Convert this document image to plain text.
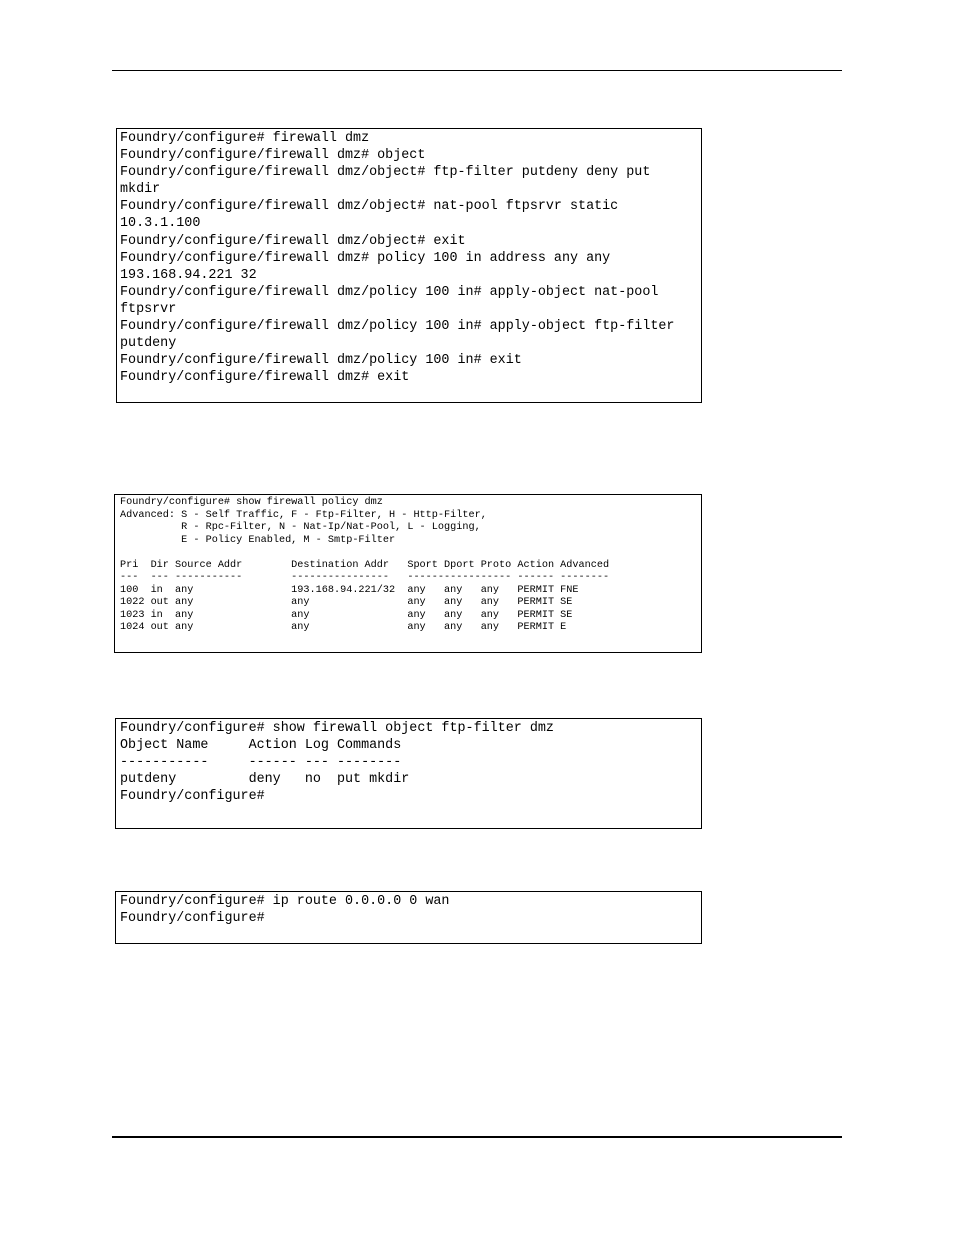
Foundry/configure# firewall dmz
Foundry/configure/firewall dmz# object
Foundry/configure/firewall dmz/object# ftp-filter putdeny deny put
mkdir
Foundry/configure/firewall dmz/object# nat-pool ftpsrvr static
10.3.1.100
Foundry/configure/firewall dmz/object# exit
Foundry/configure/firewall dmz# policy 100 in address any any
193.168.94.221 32
Foundry/configure/firewall dmz/policy 100 in# apply-object nat-pool
ftpsrvr
Foundry/configure/firewall dmz/policy 100 in# apply-object ftp-filter
putdeny
Foundry/configure/firewall dmz/policy 100 in# exit
Foundry/configure/firewall dmz# exit
Foundry/configure# show firewall policy dmz
Advanced: S - Self Traffic, F - Ftp-Filter, H - Http-Filter,
R - Rpc-Filter, N - Nat-Ip/Nat-Pool, L - Logging,
E - Policy Enabled, M - Smtp-Filter

Pri  Dir Source Addr        Destination Addr   Sport Dport Proto Action Advanced
---  --- -----------        ----------------   ----------------- ------ --------
100  in  any                193.168.94.221/32  any   any   any   PERMIT FNE
1022 out any                any                any   any   any   PERMIT SE
1023 in  any                any                any   any   any   PERMIT SE
1024 out any                any                any   any   any   PERMIT E
Foundry/configure# show firewall object ftp-filter dmz
Object Name     Action Log Commands
-----------     ------ --- --------
putdeny         deny   no  put mkdir
Foundry/configure#
Foundry/configure# ip route 0.0.0.0 0 wan
Foundry/configure#
